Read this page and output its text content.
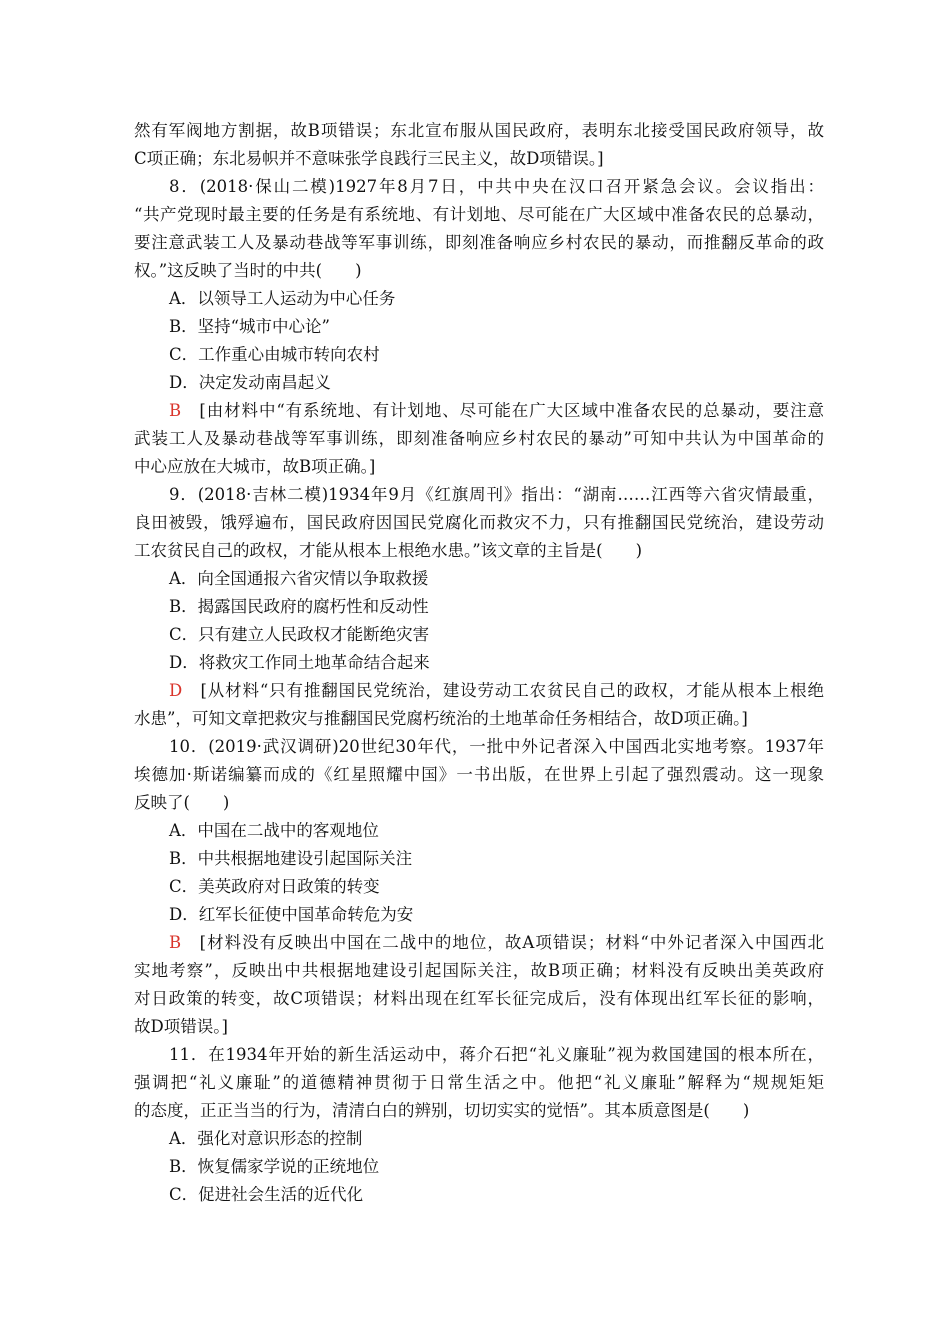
然有军阀地方割据，故B项错误；东北宣布服从国民政府，表明东北接受国民政府领导，故
C项正确；东北易帜并不意味张学良践行三民主义，故D项错误。]
8．(2018·保山二模)1927年8月7日，中共中央在汉口召开紧急会议。会议指出：
“共产党现时最主要的任务是有系统地、有计划地、尽可能在广大区域中准备农民的总暴动，
要注意武装工人及暴动巷战等军事训练，即刻准备响应乡村农民的暴动，而推翻反革命的政
权。”这反映了当时的中共(　　)
A．以领导工人运动为中心任务
B．坚持“城市中心论”
C．工作重心由城市转向农村
D．决定发动南昌起义
B　[由材料中“有系统地、有计划地、尽可能在广大区域中准备农民的总暴动，要注意
武装工人及暴动巷战等军事训练，即刻准备响应乡村农民的暴动”可知中共认为中国革命的
中心应放在大城市，故B项正确。]
9．(2018·吉林二模)1934年9月《红旗周刊》指出：“湖南……江西等六省灾情最重，
良田被毁，饿殍遍布，国民政府因国民党腐化而救灾不力，只有推翻国民党统治，建设劳动
工农贫民自己的政权，才能从根本上根绝水患。”该文章的主旨是(　　)
A．向全国通报六省灾情以争取救援
B．揭露国民政府的腐朽性和反动性
C．只有建立人民政权才能断绝灾害
D．将救灾工作同土地革命结合起来
D　[从材料“只有推翻国民党统治，建设劳动工农贫民自己的政权，才能从根本上根绝
水患”，可知文章把救灾与推翻国民党腐朽统治的土地革命任务相结合，故D项正确。]
10．(2019·武汉调研)20世纪30年代，一批中外记者深入中国西北实地考察。1937年
埃德加·斯诺编纂而成的《红星照耀中国》一书出版，在世界上引起了强烈震动。这一现象
反映了(　　)
A．中国在二战中的客观地位
B．中共根据地建设引起国际关注
C．美英政府对日政策的转变
D．红军长征使中国革命转危为安
B　[材料没有反映出中国在二战中的地位，故A项错误；材料“中外记者深入中国西北
实地考察”，反映出中共根据地建设引起国际关注，故B项正确；材料没有反映出美英政府
对日政策的转变，故C项错误；材料出现在红军长征完成后，没有体现出红军长征的影响，
故D项错误。]
11．在1934年开始的新生活运动中，蒋介石把“礼义廉耻”视为救国建国的根本所在，
强调把“礼义廉耻”的道德精神贯彻于日常生活之中。他把“礼义廉耻”解释为“规规矩矩
的态度，正正当当的行为，清清白白的辨别，切切实实的觉悟”。其本质意图是(　　)
A．强化对意识形态的控制
B．恢复儒家学说的正统地位
C．促进社会生活的近代化
